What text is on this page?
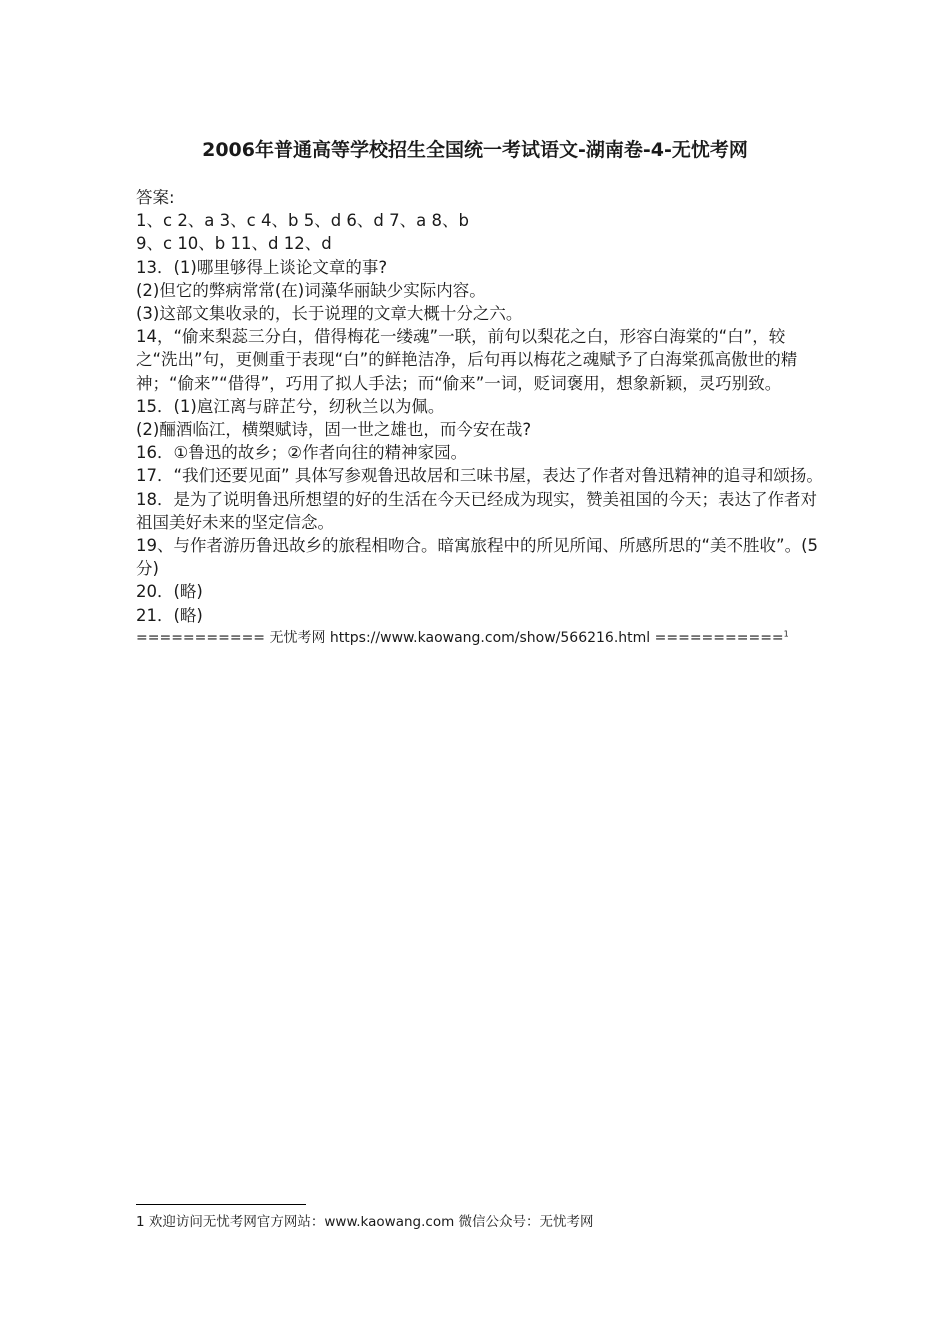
2006年普通高等学校招生全国统一考试语文-湖南卷-4-无忧考网

答案:

1、c 2、a 3、c 4、b 5、d 6、d 7、a 8、b

9、c 10、b 11、d 12、d

13．(1)哪里够得上谈论文章的事?

(2)但它的弊病常常(在)词藻华丽缺少实际内容。

(3)这部文集收录的，长于说理的文章大概十分之六。

14，“偷来梨蕊三分白，借得梅花一缕魂”一联，前句以梨花之白，形容白海棠的“白”，较之“洗出”句，更侧重于表现“白”的鲜艳洁净，后句再以梅花之魂赋予了白海棠孤高傲世的精神；“偷来”“借得”，巧用了拟人手法；而“偷来”一词，贬词褒用，想象新颖，灵巧别致。

15．(1)扈江离与辟芷兮，纫秋兰以为佩。

(2)酾酒临江，横槊赋诗，固一世之雄也，而今安在哉?

16．①鲁迅的故乡；②作者向往的精神家园。

17．“我们还要见面” 具体写参观鲁迅故居和三味书屋，表达了作者对鲁迅精神的追寻和颂扬。

18．是为了说明鲁迅所想望的好的生活在今天已经成为现实，赞美祖国的今天；表达了作者对祖国美好未来的坚定信念。

19、与作者游历鲁迅故乡的旅程相吻合。暗寓旅程中的所见所闻、所感所思的“美不胜收”。(5分)

20．(略)

21．(略)

=========== 无忧考网 https://www.kaowang.com/show/566216.html ===========$^1$

1 欢迎访问无忧考网官方网站：www.kaowang.com 微信公众号：无忧考网
